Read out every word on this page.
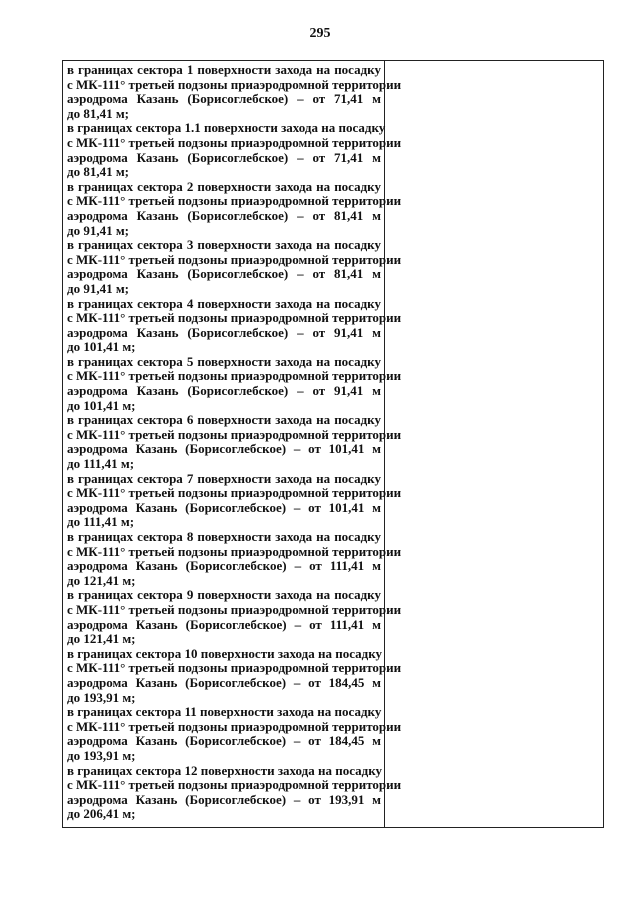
295
в границах сектора 1 поверхности захода на посадку
с МК-111° третьей подзоны приаэродромной территории
аэродрома Казань (Борисоглебское) – от 71,41 м
до 81,41 м;
в границах сектора 1.1 поверхности захода на посадку
с МК-111° третьей подзоны приаэродромной территории
аэродрома Казань (Борисоглебское) – от 71,41 м
до 81,41 м;
в границах сектора 2 поверхности захода на посадку
с МК-111° третьей подзоны приаэродромной территории
аэродрома Казань (Борисоглебское) – от 81,41 м
до 91,41 м;
в границах сектора 3 поверхности захода на посадку
с МК-111° третьей подзоны приаэродромной территории
аэродрома Казань (Борисоглебское) – от 81,41 м
до 91,41 м;
в границах сектора 4 поверхности захода на посадку
с МК-111° третьей подзоны приаэродромной территории
аэродрома Казань (Борисоглебское) – от 91,41 м
до 101,41 м;
в границах сектора 5 поверхности захода на посадку
с МК-111° третьей подзоны приаэродромной территории
аэродрома Казань (Борисоглебское) – от 91,41 м
до 101,41 м;
в границах сектора 6 поверхности захода на посадку
с МК-111° третьей подзоны приаэродромной территории
аэродрома Казань (Борисоглебское) – от 101,41 м
до 111,41 м;
в границах сектора 7 поверхности захода на посадку
с МК-111° третьей подзоны приаэродромной территории
аэродрома Казань (Борисоглебское) – от 101,41 м
до 111,41 м;
в границах сектора 8 поверхности захода на посадку
с МК-111° третьей подзоны приаэродромной территории
аэродрома Казань (Борисоглебское) – от 111,41 м
до 121,41 м;
в границах сектора 9 поверхности захода на посадку
с МК-111° третьей подзоны приаэродромной территории
аэродрома Казань (Борисоглебское) – от 111,41 м
до 121,41 м;
в границах сектора 10 поверхности захода на посадку
с МК-111° третьей подзоны приаэродромной территории
аэродрома Казань (Борисоглебское) – от 184,45 м
до 193,91 м;
в границах сектора 11 поверхности захода на посадку
с МК-111° третьей подзоны приаэродромной территории
аэродрома Казань (Борисоглебское) – от 184,45 м
до 193,91 м;
в границах сектора 12 поверхности захода на посадку
с МК-111° третьей подзоны приаэродромной территории
аэродрома Казань (Борисоглебское) – от 193,91 м
до 206,41 м;
